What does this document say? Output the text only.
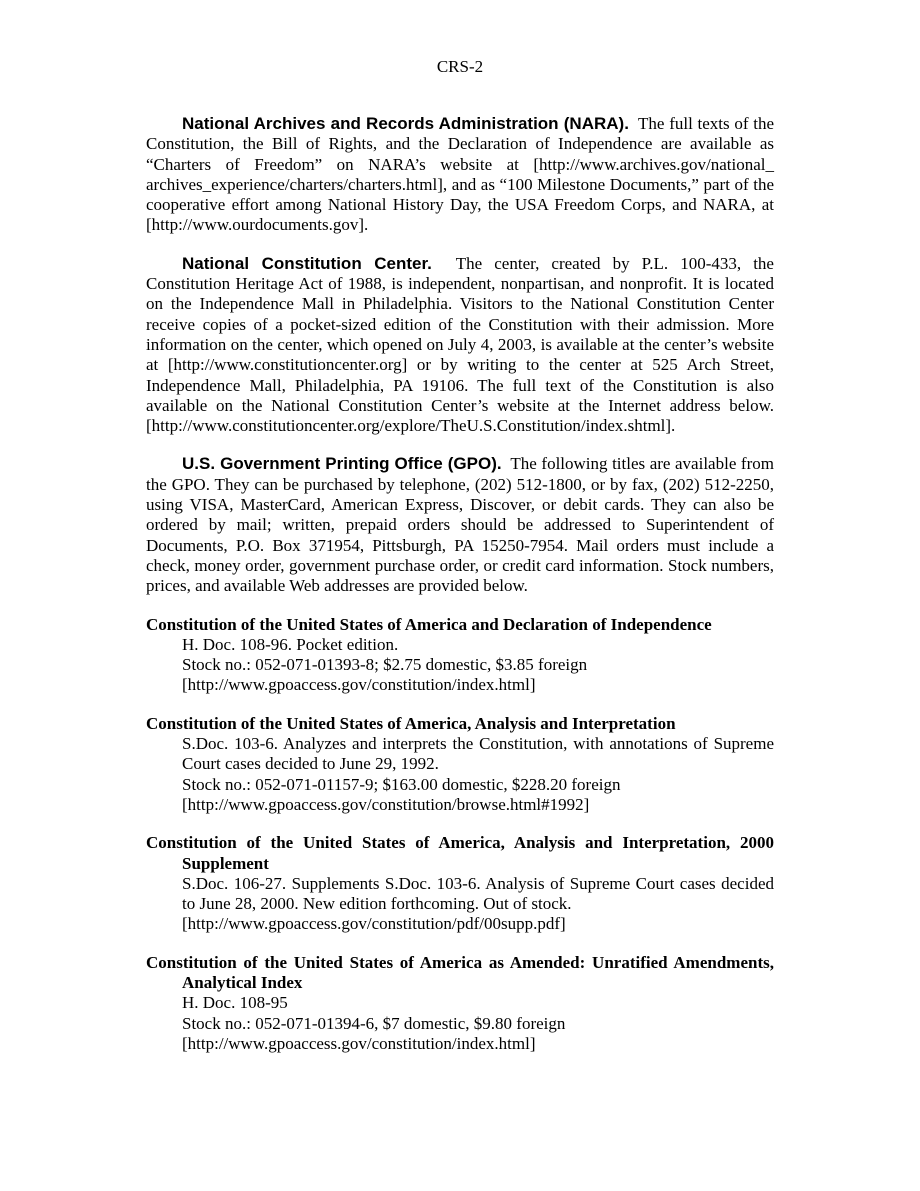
CRS-2

National Archives and Records Administration (NARA). The full texts of the Constitution, the Bill of Rights, and the Declaration of Independence are available as “Charters of Freedom” on NARA’s website at [http://www.archives.gov/national_ archives_experience/charters/charters.html], and as “100 Milestone Documents,” part of the cooperative effort among National History Day, the USA Freedom Corps, and NARA, at [http://www.ourdocuments.gov].

National Constitution Center. The center, created by P.L. 100-433, the Constitution Heritage Act of 1988, is independent, nonpartisan, and nonprofit. It is located on the Independence Mall in Philadelphia. Visitors to the National Constitution Center receive copies of a pocket-sized edition of the Constitution with their admission. More information on the center, which opened on July 4, 2003, is available at the center’s website at [http://www.constitutioncenter.org] or by writing to the center at 525 Arch Street, Independence Mall, Philadelphia, PA 19106. The full text of the Constitution is also available on the National Constitution Center’s website at the Internet address below. [http://www.constitutioncenter.org/explore/TheU.S.Constitution/index.shtml].

U.S. Government Printing Office (GPO). The following titles are available from the GPO. They can be purchased by telephone, (202) 512-1800, or by fax, (202) 512-2250, using VISA, MasterCard, American Express, Discover, or debit cards. They can also be ordered by mail; written, prepaid orders should be addressed to Superintendent of Documents, P.O. Box 371954, Pittsburgh, PA 15250-7954. Mail orders must include a check, money order, government purchase order, or credit card information. Stock numbers, prices, and available Web addresses are provided below.

Constitution of the United States of America and Declaration of Independence
H. Doc. 108-96. Pocket edition.
Stock no.: 052-071-01393-8; $2.75 domestic, $3.85 foreign
[http://www.gpoaccess.gov/constitution/index.html]
Constitution of the United States of America, Analysis and Interpretation
S.Doc. 103-6. Analyzes and interprets the Constitution, with annotations of Supreme Court cases decided to June 29, 1992.
Stock no.: 052-071-01157-9; $163.00 domestic, $228.20 foreign
[http://www.gpoaccess.gov/constitution/browse.html#1992]
Constitution of the United States of America, Analysis and Interpretation, 2000 Supplement
S.Doc. 106-27. Supplements S.Doc. 103-6. Analysis of Supreme Court cases decided to June 28, 2000. New edition forthcoming. Out of stock.
[http://www.gpoaccess.gov/constitution/pdf/00supp.pdf]
Constitution of the United States of America as Amended: Unratified Amendments, Analytical Index
H. Doc. 108-95
Stock no.: 052-071-01394-6, $7 domestic, $9.80 foreign
[http://www.gpoaccess.gov/constitution/index.html]
